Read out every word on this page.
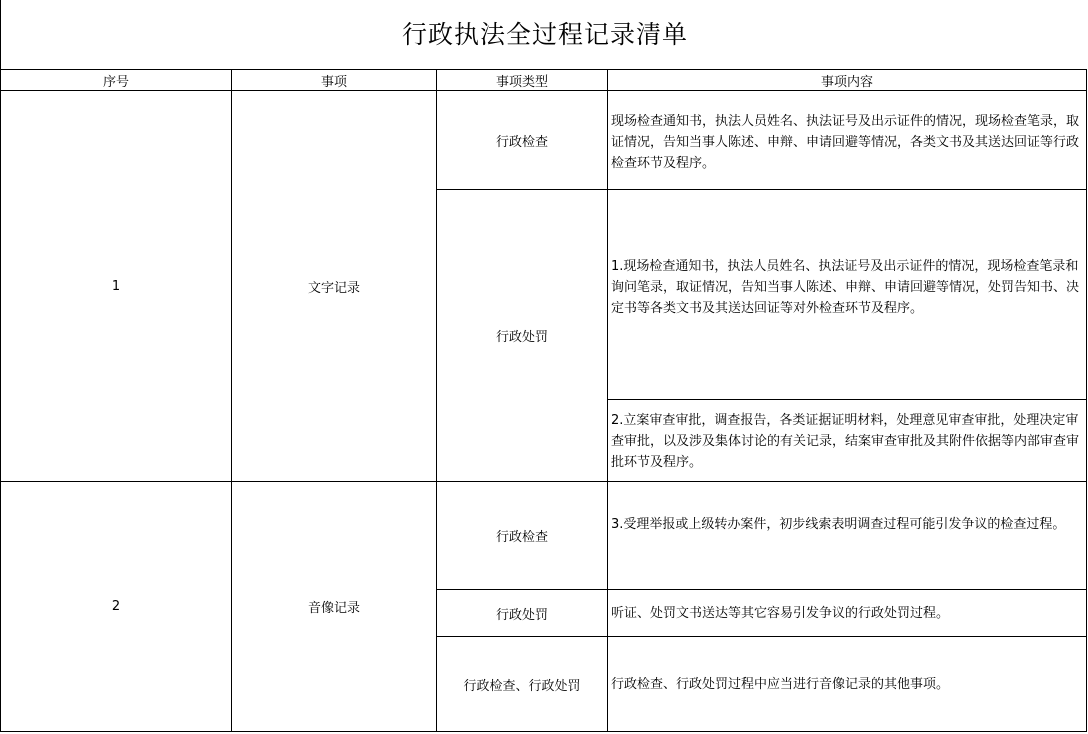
行政执法全过程记录清单
序号	事项	事项类型	事项内容
1	文字记录	行政检查	现场检查通知书，执法人员姓名、执法证号及出示证件的情况，现场检查笔录，取证情况，告知当事人陈述、申辩、申请回避等情况，各类文书及其送达回证等行政检查环节及程序。
		行政处罚	1.现场检查通知书，执法人员姓名、执法证号及出示证件的情况，现场检查笔录和询问笔录，取证情况，告知当事人陈述、申辩、申请回避等情况，处罚告知书、决定书等各类文书及其送达回证等对外检查环节及程序。
			2.立案审查审批，调查报告，各类证据证明材料，处理意见审查审批，处理决定审查审批，以及涉及集体讨论的有关记录，结案审查审批及其附件依据等内部审查审批环节及程序。
2	音像记录	行政检查	3.受理举报或上级转办案件，初步线索表明调查过程可能引发争议的检查过程。
		行政处罚	听证、处罚文书送达等其它容易引发争议的行政处罚过程。
		行政检查、行政处罚	行政检查、行政处罚过程中应当进行音像记录的其他事项。
